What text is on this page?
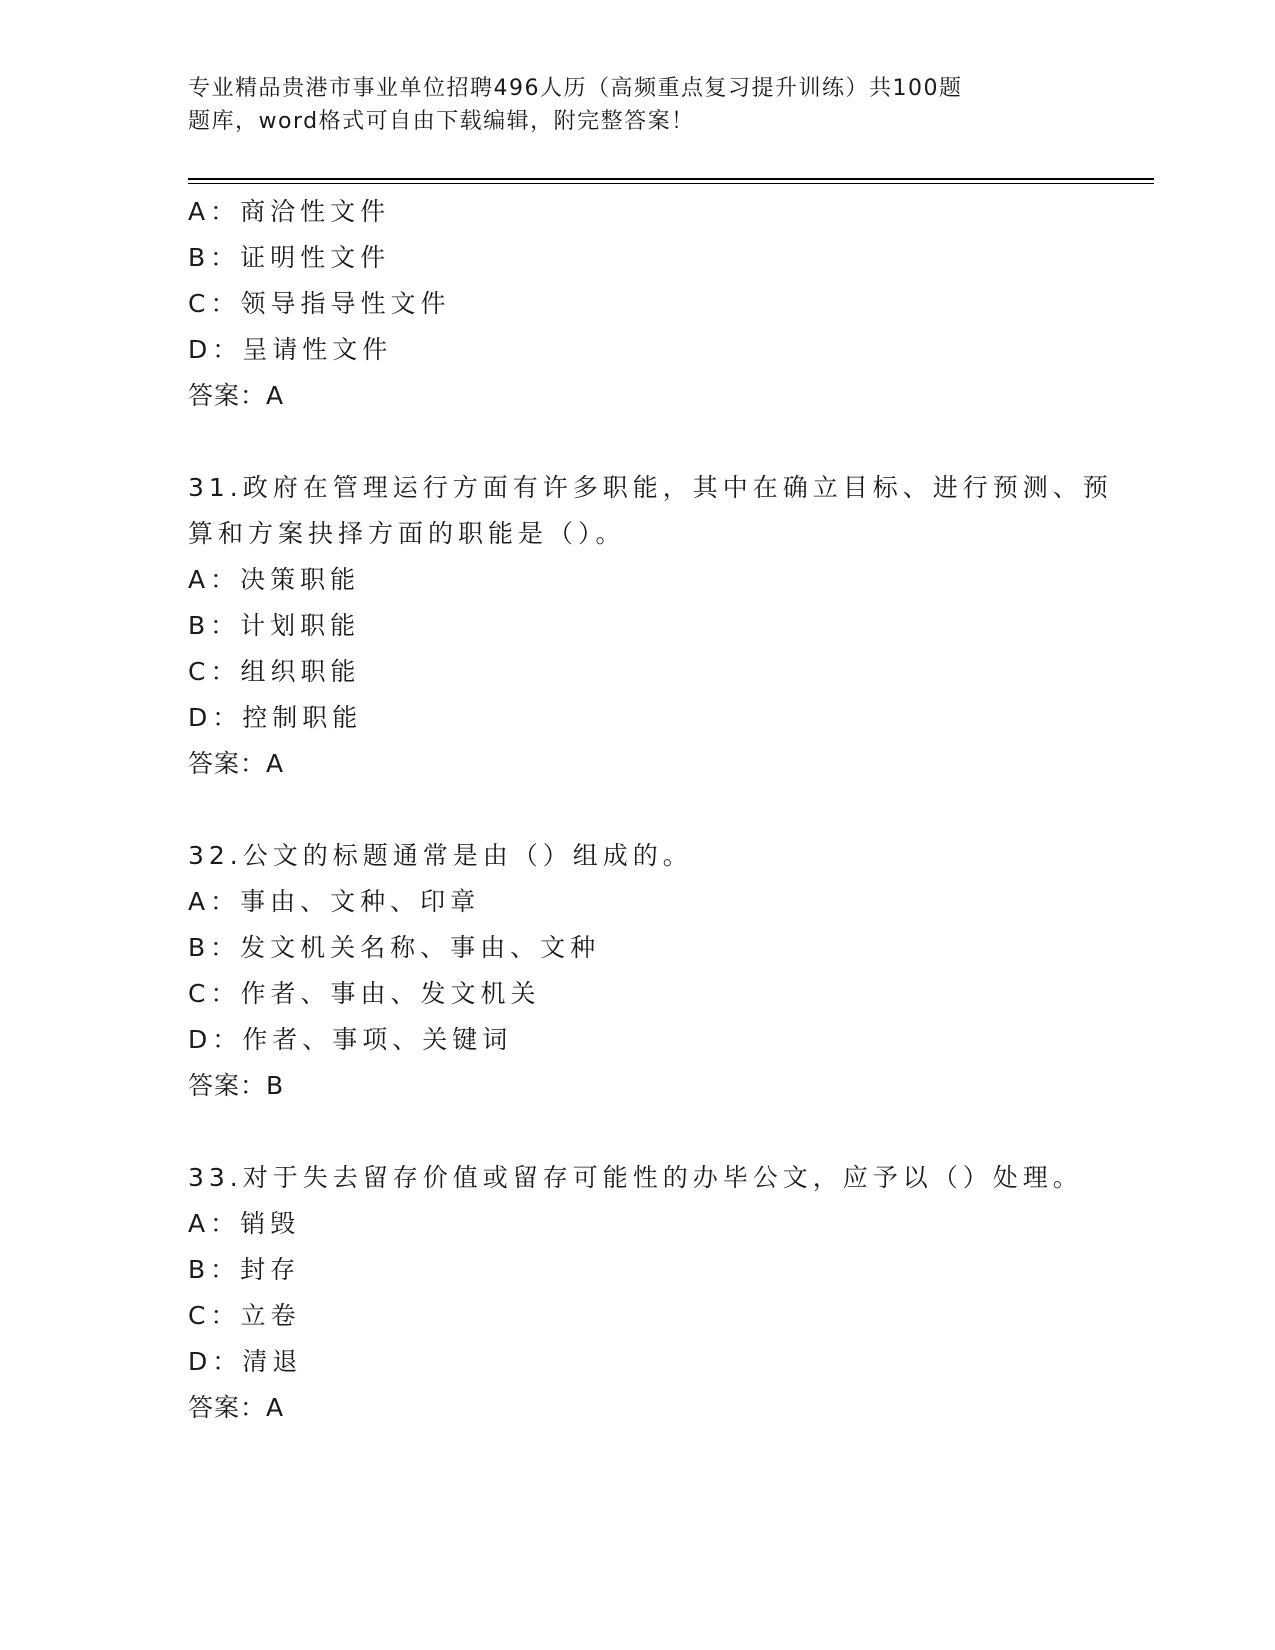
专业精品贵港市事业单位招聘496人历（高频重点复习提升训练）共100题
题库，word格式可自由下载编辑，附完整答案！
A：商洽性文件
B：证明性文件
C：领导指导性文件
D：呈请性文件
答案：A
31.政府在管理运行方面有许多职能，其中在确立目标、进行预测、预
算和方案抉择方面的职能是（）。
A：决策职能
B：计划职能
C：组织职能
D：控制职能
答案：A
32.公文的标题通常是由（）组成的。
A：事由、文种、印章
B：发文机关名称、事由、文种
C：作者、事由、发文机关
D：作者、事项、关键词
答案：B
33.对于失去留存价值或留存可能性的办毕公文，应予以（）处理。
A：销毁
B：封存
C：立卷
D：清退
答案：A
